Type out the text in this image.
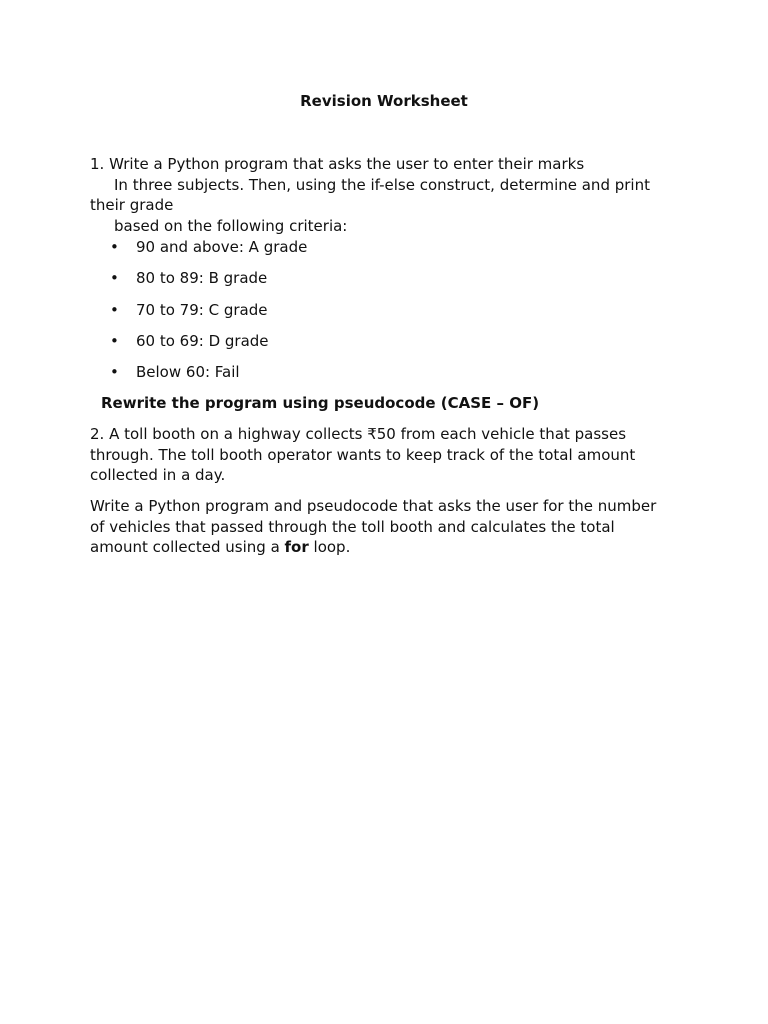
Revision Worksheet
1. Write a Python program that asks the user to enter their marks
In three subjects. Then, using the if-else construct, determine and print
their grade
based on the following criteria:
• 90 and above: A grade
• 80 to 89: B grade
• 70 to 79: C grade
• 60 to 69: D grade
• Below 60: Fail
Rewrite the program using pseudocode (CASE – OF)
2. A toll booth on a highway collects ₹50 from each vehicle that passes
through. The toll booth operator wants to keep track of the total amount
collected in a day.
Write a Python program and pseudocode that asks the user for the number
of vehicles that passed through the toll booth and calculates the total
amount collected using a for loop.
